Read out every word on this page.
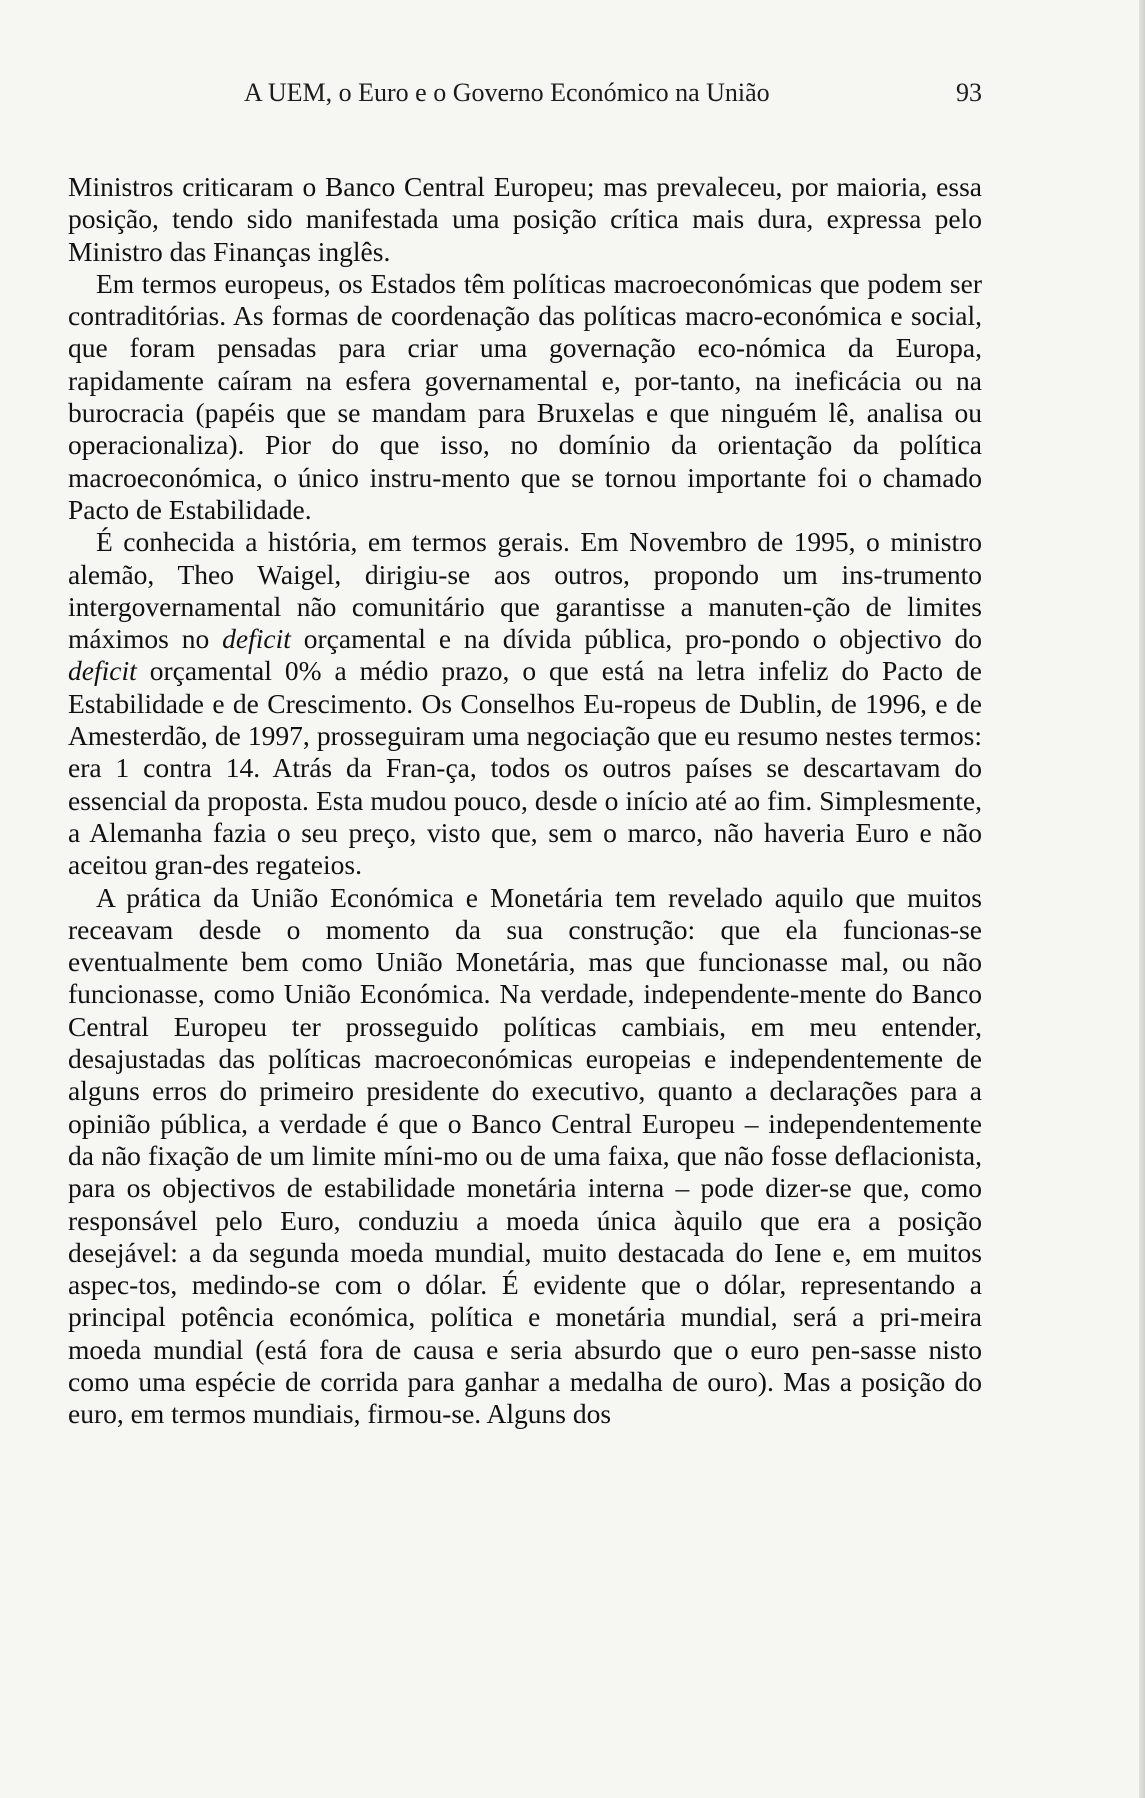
A UEM, o Euro e o Governo Económico na União	93

Ministros criticaram o Banco Central Europeu; mas prevaleceu, por maioria, essa posição, tendo sido manifestada uma posição crítica mais dura, expressa pelo Ministro das Finanças inglês.

Em termos europeus, os Estados têm políticas macroeconómicas que podem ser contraditórias. As formas de coordenação das políticas macro-económica e social, que foram pensadas para criar uma governação eco-nómica da Europa, rapidamente caíram na esfera governamental e, por-tanto, na ineficácia ou na burocracia (papéis que se mandam para Bruxelas e que ninguém lê, analisa ou operacionaliza). Pior do que isso, no domínio da orientação da política macroeconómica, o único instru-mento que se tornou importante foi o chamado Pacto de Estabilidade.

É conhecida a história, em termos gerais. Em Novembro de 1995, o ministro alemão, Theo Waigel, dirigiu-se aos outros, propondo um ins-trumento intergovernamental não comunitário que garantisse a manuten-ção de limites máximos no deficit orçamental e na dívida pública, pro-pondo o objectivo do deficit orçamental 0% a médio prazo, o que está na letra infeliz do Pacto de Estabilidade e de Crescimento. Os Conselhos Eu-ropeus de Dublin, de 1996, e de Amesterdão, de 1997, prosseguiram uma negociação que eu resumo nestes termos: era 1 contra 14. Atrás da Fran-ça, todos os outros países se descartavam do essencial da proposta. Esta mudou pouco, desde o início até ao fim. Simplesmente, a Alemanha fazia o seu preço, visto que, sem o marco, não haveria Euro e não aceitou gran-des regateios.

A prática da União Económica e Monetária tem revelado aquilo que muitos receavam desde o momento da sua construção: que ela funcionas-se eventualmente bem como União Monetária, mas que funcionasse mal, ou não funcionasse, como União Económica. Na verdade, independente-mente do Banco Central Europeu ter prosseguido políticas cambiais, em meu entender, desajustadas das políticas macroeconómicas europeias e independentemente de alguns erros do primeiro presidente do executivo, quanto a declarações para a opinião pública, a verdade é que o Banco Central Europeu – independentemente da não fixação de um limite míni-mo ou de uma faixa, que não fosse deflacionista, para os objectivos de estabilidade monetária interna – pode dizer-se que, como responsável pelo Euro, conduziu a moeda única àquilo que era a posição desejável: a da segunda moeda mundial, muito destacada do Iene e, em muitos aspec-tos, medindo-se com o dólar. É evidente que o dólar, representando a principal potência económica, política e monetária mundial, será a pri-meira moeda mundial (está fora de causa e seria absurdo que o euro pen-sasse nisto como uma espécie de corrida para ganhar a medalha de ouro). Mas a posição do euro, em termos mundiais, firmou-se. Alguns dos
